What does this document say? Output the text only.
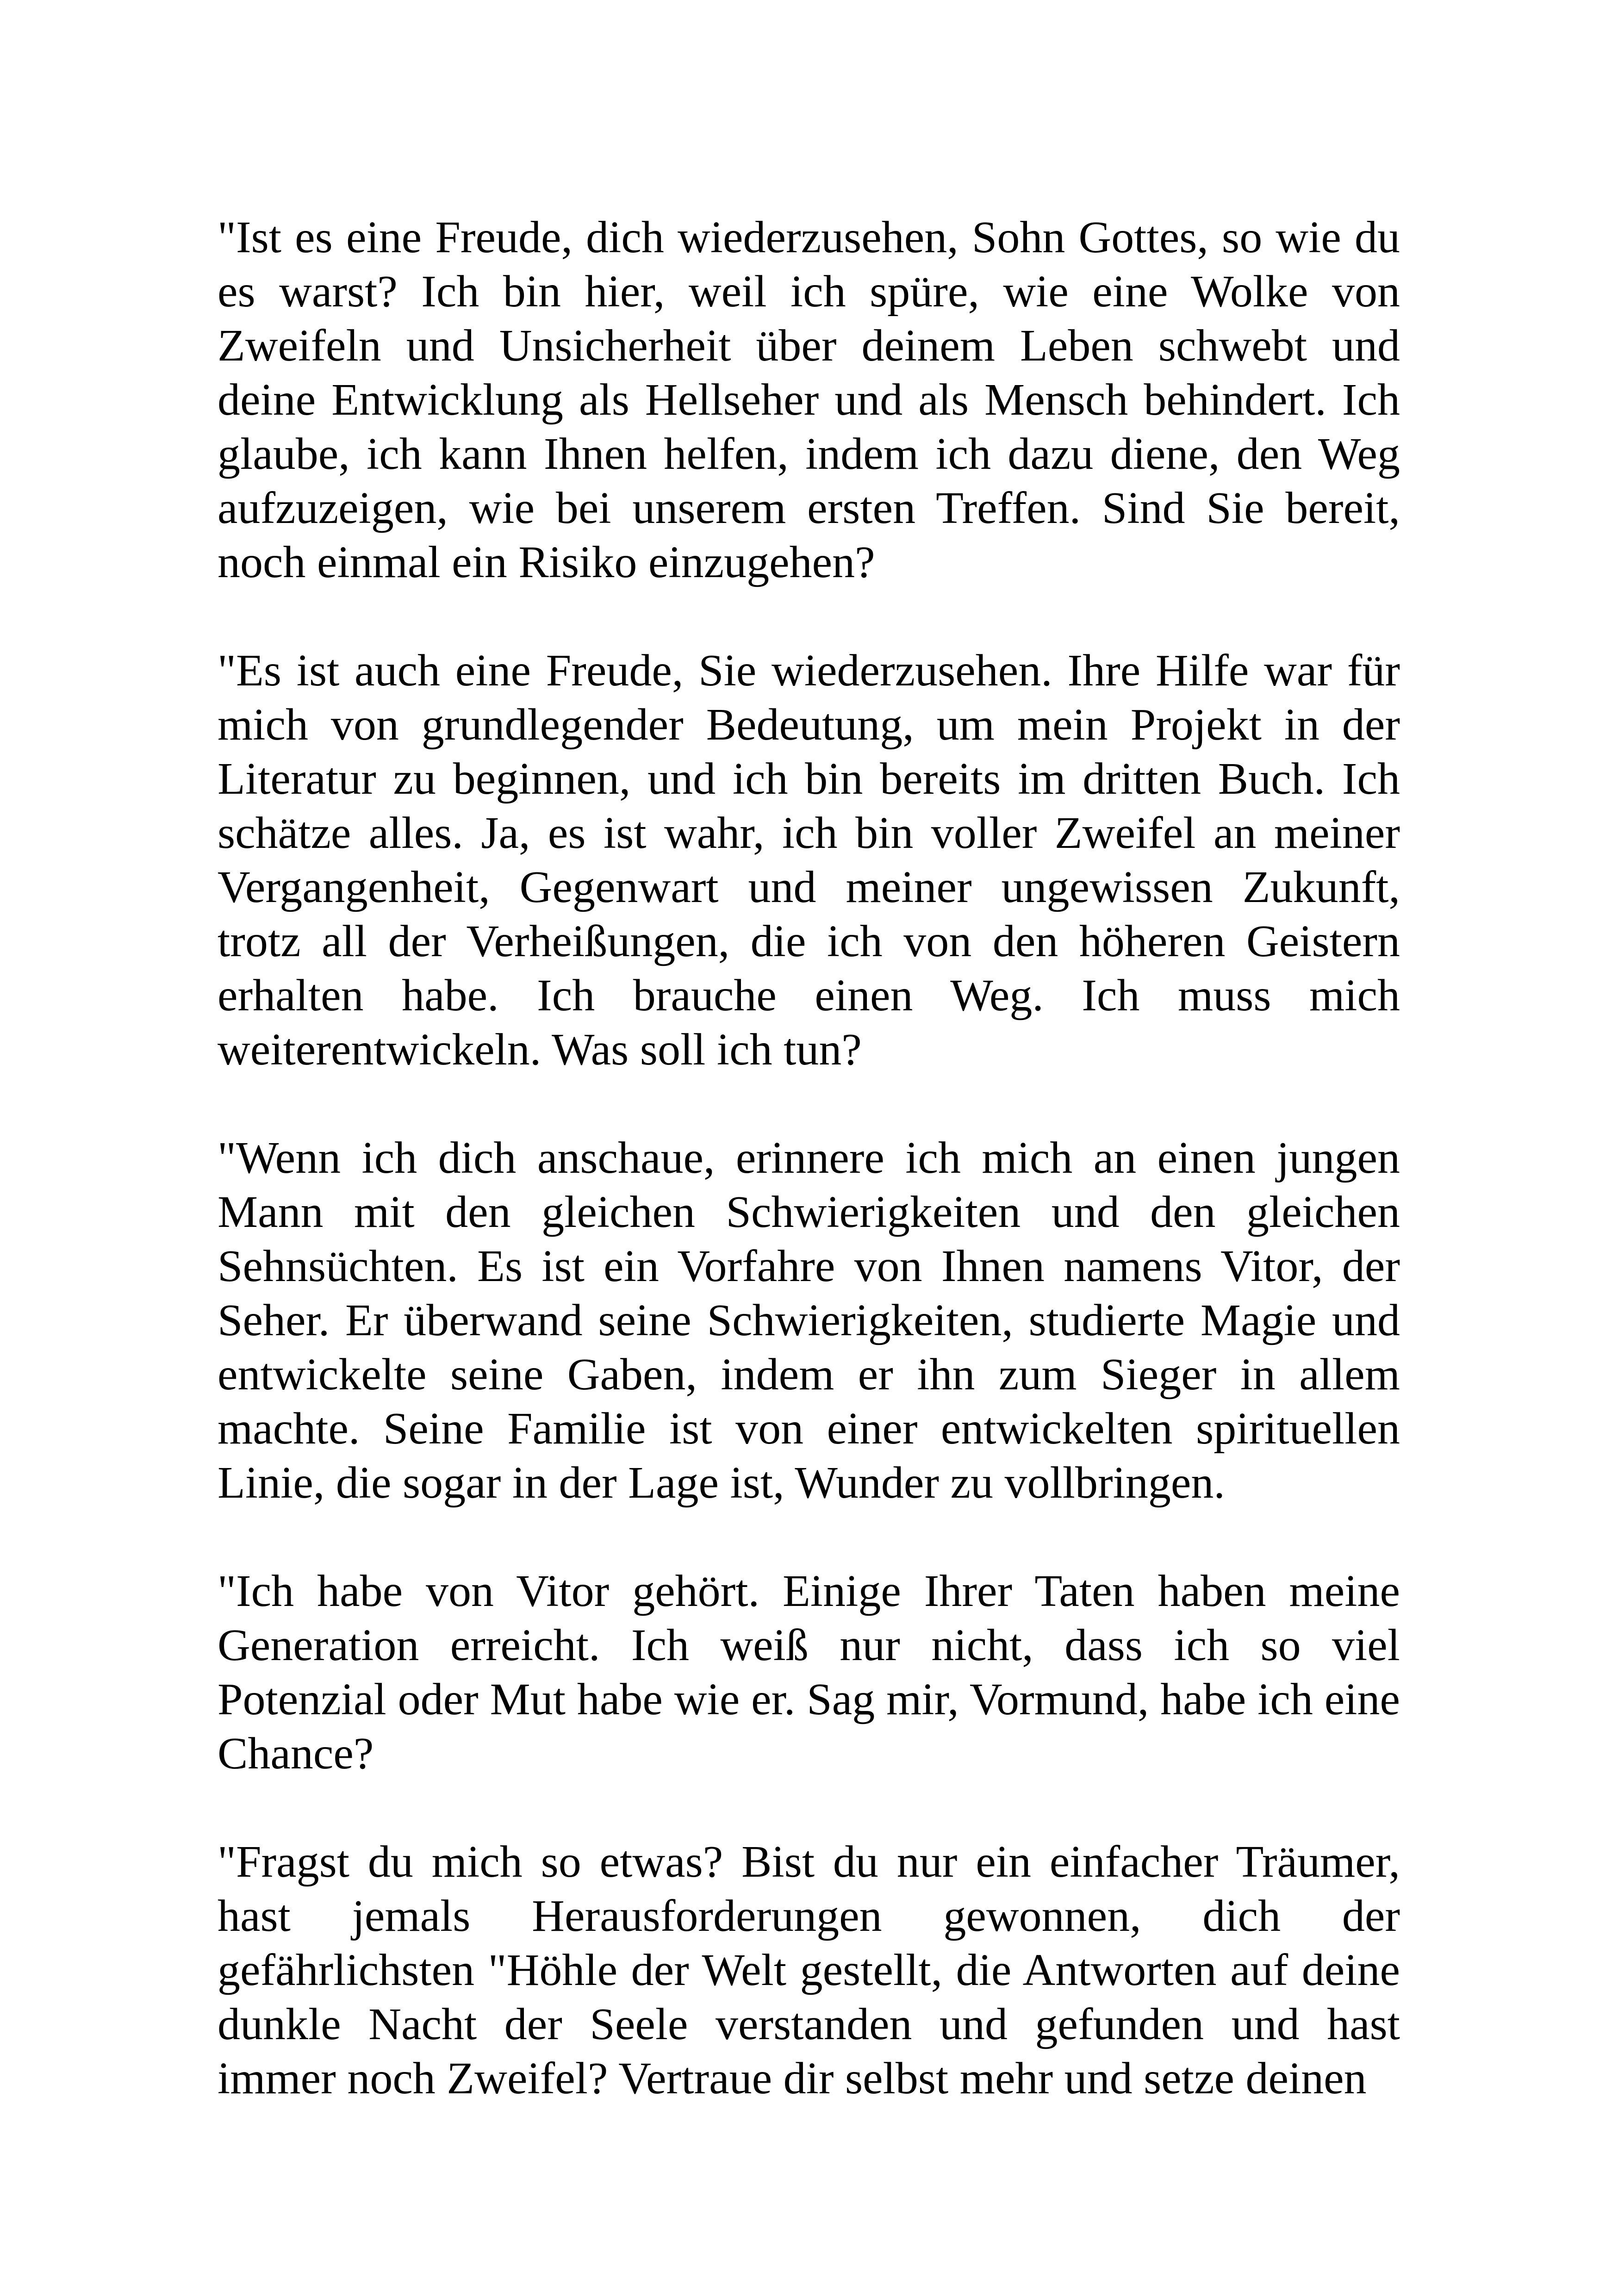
"Ist es eine Freude, dich wiederzusehen, Sohn Gottes, so wie du es warst? Ich bin hier, weil ich spüre, wie eine Wolke von Zweifeln und Unsicherheit über deinem Leben schwebt und deine Entwicklung als Hellseher und als Mensch behindert. Ich glaube, ich kann Ihnen helfen, indem ich dazu diene, den Weg aufzuzeigen, wie bei unserem ersten Treffen. Sind Sie bereit, noch einmal ein Risiko einzugehen?

"Es ist auch eine Freude, Sie wiederzusehen. Ihre Hilfe war für mich von grundlegender Bedeutung, um mein Projekt in der Literatur zu beginnen, und ich bin bereits im dritten Buch. Ich schätze alles. Ja, es ist wahr, ich bin voller Zweifel an meiner Vergangenheit, Gegenwart und meiner ungewissen Zukunft, trotz all der Verheißungen, die ich von den höheren Geistern erhalten habe. Ich brauche einen Weg. Ich muss mich weiterentwickeln. Was soll ich tun?

"Wenn ich dich anschaue, erinnere ich mich an einen jungen Mann mit den gleichen Schwierigkeiten und den gleichen Sehnsüchten. Es ist ein Vorfahre von Ihnen namens Vitor, der Seher. Er überwand seine Schwierigkeiten, studierte Magie und entwickelte seine Gaben, indem er ihn zum Sieger in allem machte. Seine Familie ist von einer entwickelten spirituellen Linie, die sogar in der Lage ist, Wunder zu vollbringen.

"Ich habe von Vitor gehört. Einige Ihrer Taten haben meine Generation erreicht. Ich weiß nur nicht, dass ich so viel Potenzial oder Mut habe wie er. Sag mir, Vormund, habe ich eine Chance?

"Fragst du mich so etwas? Bist du nur ein einfacher Träumer, hast jemals Herausforderungen gewonnen, dich der gefährlichsten "Höhle der Welt gestellt, die Antworten auf deine dunkle Nacht der Seele verstanden und gefunden und hast immer noch Zweifel? Vertraue dir selbst mehr und setze deinen
